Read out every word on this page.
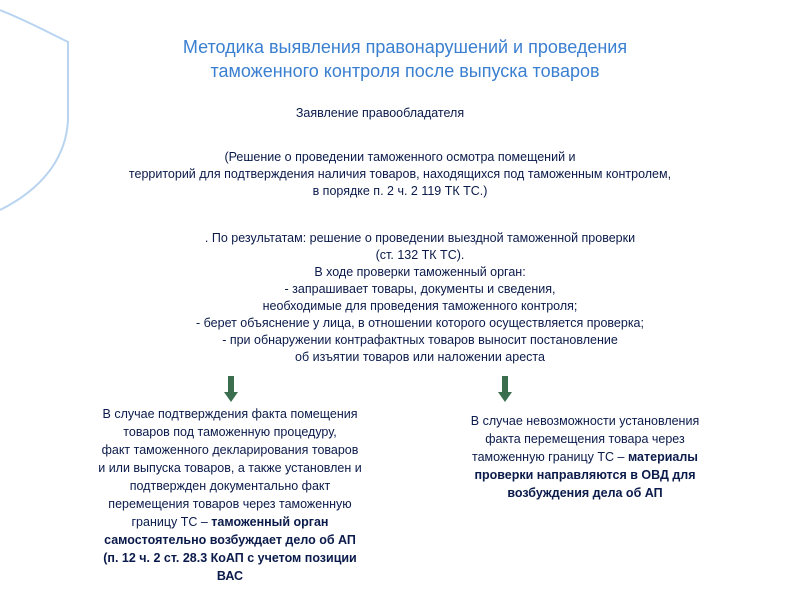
Методика выявления правонарушений и проведения
таможенного контроля после выпуска товаров
Заявление правообладателя
(Решение о проведении таможенного осмотра помещений и
территорий для подтверждения наличия товаров, находящихся под таможенным контролем,
в порядке п. 2 ч. 2 119 ТК ТС.)
. По результатам: решение о проведении выездной таможенной проверки
(ст. 132 ТК ТС).
В ходе проверки таможенный орган:
- запрашивает товары, документы и сведения,
необходимые для проведения таможенного контроля;
- берет объяснение у лица, в отношении которого осуществляется проверка;
- при обнаружении контрафактных товаров выносит постановление
об изъятии товаров или наложении ареста
В случае подтверждения факта помещения
товаров под таможенную процедуру,
факт таможенного декларирования товаров
и или выпуска товаров, а также установлен и
подтвержден документально факт
перемещения товаров через таможенную
границу ТС – таможенный орган
самостоятельно возбуждает дело об АП
(п. 12 ч. 2 ст. 28.3 КоАП с учетом позиции
ВАС
В случае невозможности установления
факта перемещения товара через
таможенную границу ТС – материалы
проверки направляются в ОВД для
возбуждения дела об АП
